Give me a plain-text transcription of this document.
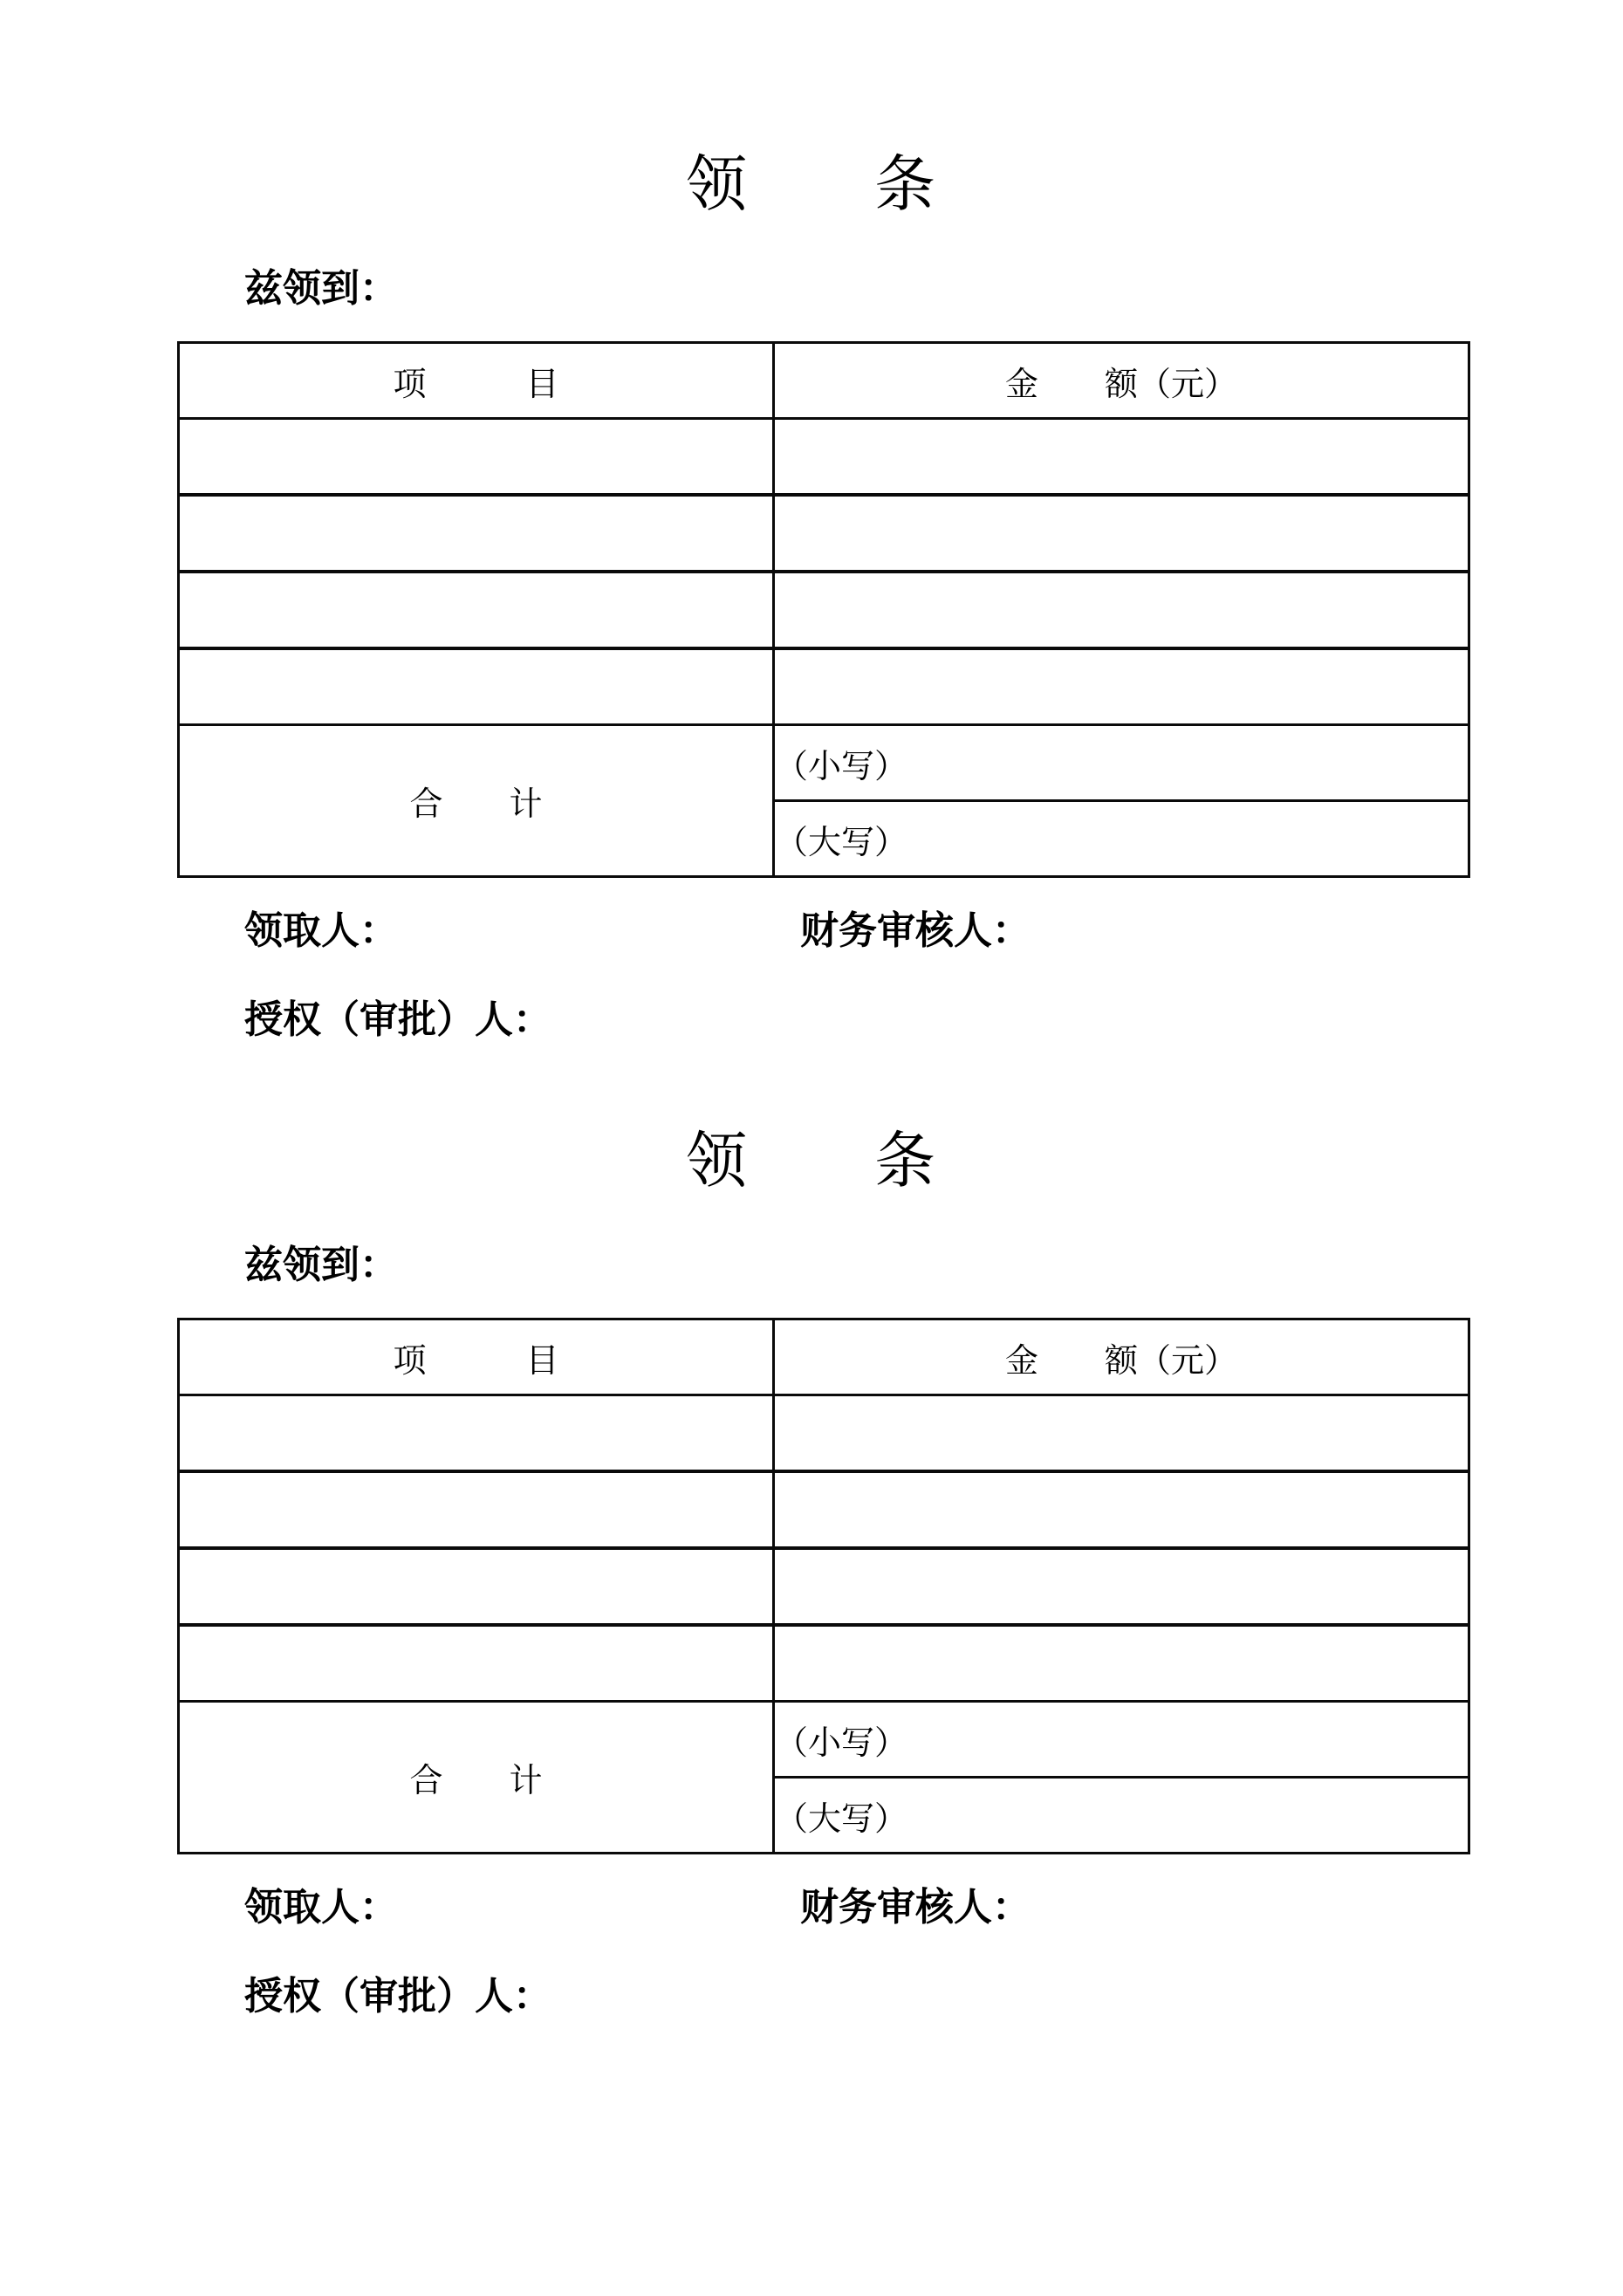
领　　条
兹领到：
项　　　目	金　　额（元）

合　　计	（小写）
	（大写）
领取人：	财务审核人：
授权（审批）人：
领　　条
兹领到：
项　　　目	金　　额（元）

合　　计	（小写）
	（大写）
领取人：	财务审核人：
授权（审批）人：
